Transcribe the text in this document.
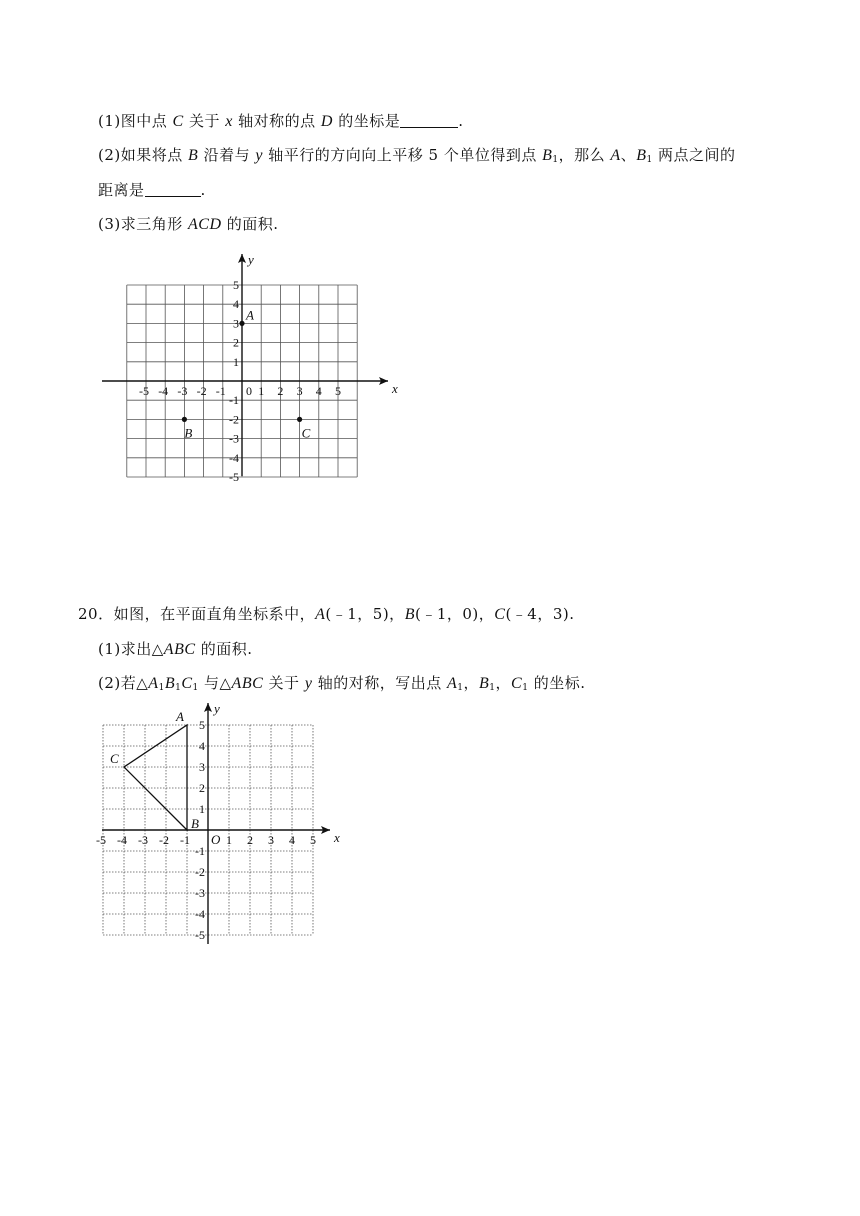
(1)图中点 C 关于 x 轴对称的点 D 的坐标是	.
(2)如果将点 B 沿着与 y 轴平行的方向向上平移 5 个单位得到点 $B_1$，那么 A、$B_1$ 两点之间的
距离是	.
(3)求三角形 ACD 的面积.
x
y
-5 -4 -3 -2 -1	1 2 3 4 5
5
4
3
2
1
-1
-2
-3
-4
-5
0
A
B	C
20．如图，在平面直角坐标系中，A(﹣1，5)，B(﹣1，0)，C(﹣4，3).
(1)求出△ABC 的面积.
(2)若$\triangle A_1B_1C_1$ 与△ABC 关于 y 轴的对称，写出点 $A_1$，$B_1$，$C_1$ 的坐标.
x
y
-5 -4 -3 -2 -1	1 2 3 4 5
5
4
3
2
1
-1
-2
-3
-4
-5
O
A
B
C
